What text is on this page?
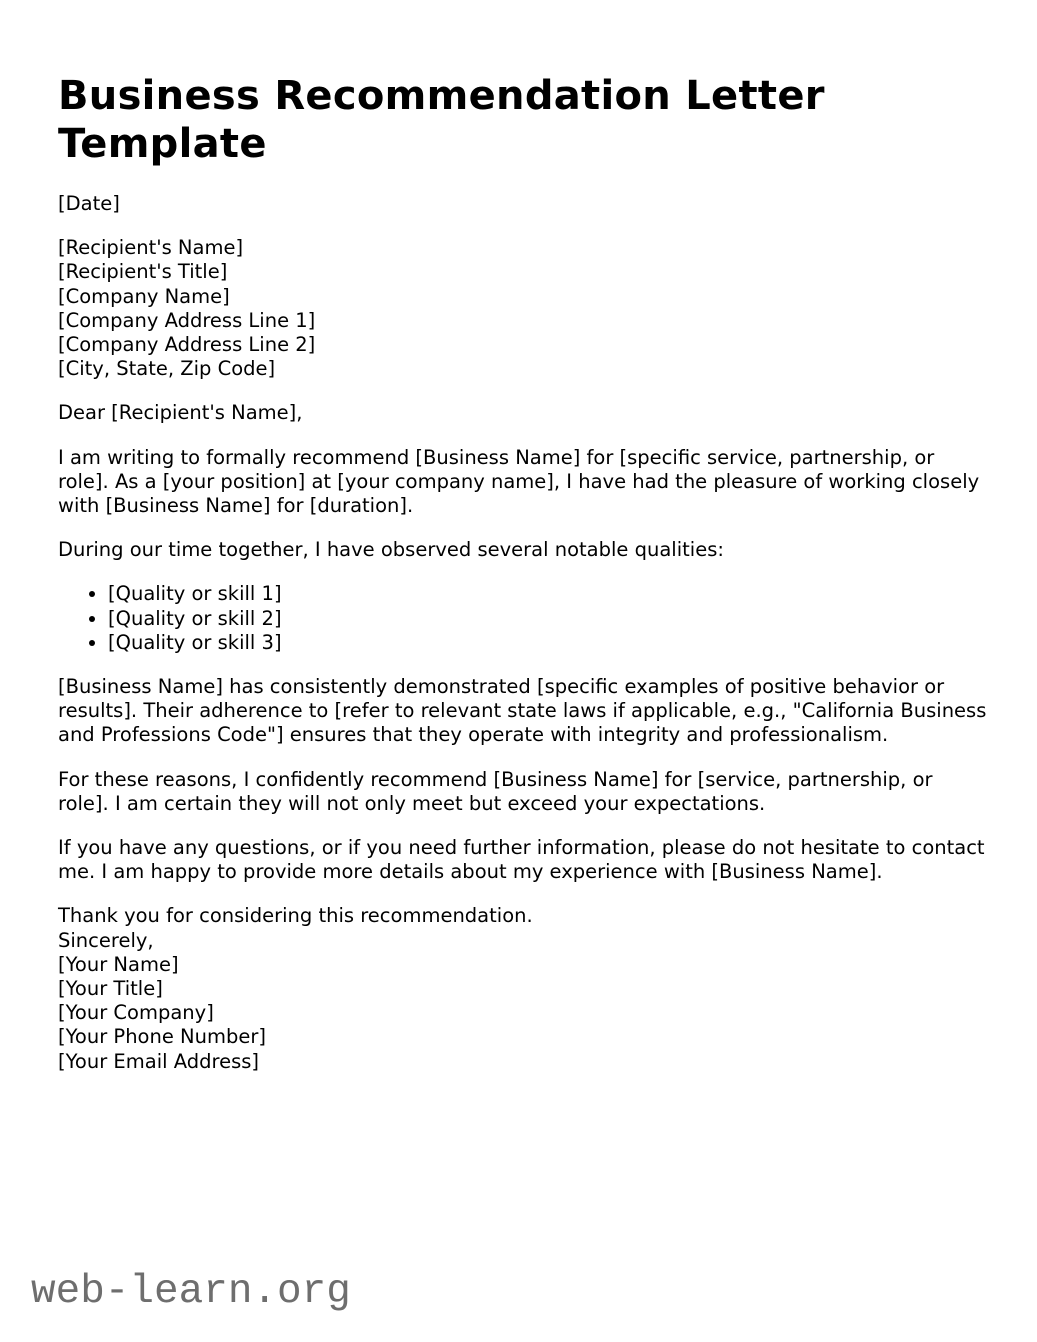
Business Recommendation Letter Template

[Date]

[Recipient's Name]
[Recipient's Title]
[Company Name]
[Company Address Line 1]
[Company Address Line 2]
[City, State, Zip Code]

Dear [Recipient's Name],

I am writing to formally recommend [Business Name] for [specific service, partnership, or role]. As a [your position] at [your company name], I have had the pleasure of working closely with [Business Name] for [duration].

During our time together, I have observed several notable qualities:

• [Quality or skill 1]
• [Quality or skill 2]
• [Quality or skill 3]

[Business Name] has consistently demonstrated [specific examples of positive behavior or results]. Their adherence to [refer to relevant state laws if applicable, e.g., "California Business and Professions Code"] ensures that they operate with integrity and professionalism.

For these reasons, I confidently recommend [Business Name] for [service, partnership, or role]. I am certain they will not only meet but exceed your expectations.

If you have any questions, or if you need further information, please do not hesitate to contact me. I am happy to provide more details about my experience with [Business Name].

Thank you for considering this recommendation.
Sincerely,
[Your Name]
[Your Title]
[Your Company]
[Your Phone Number]
[Your Email Address]

web-learn.org
